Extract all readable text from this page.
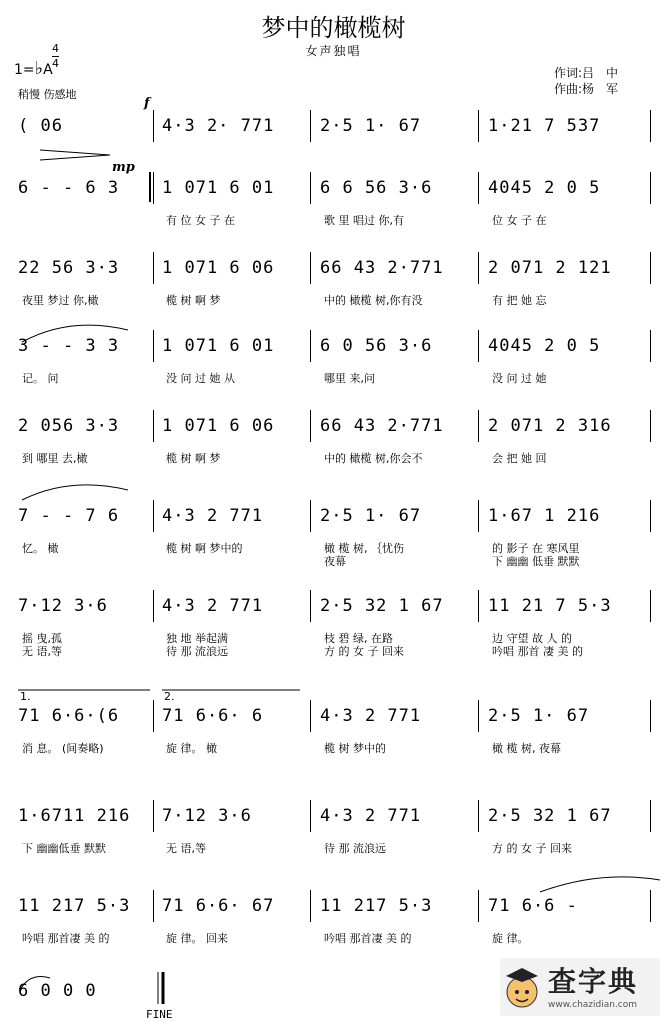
梦中的橄榄树
女声独唱
1=♭A
4
4
稍慢 伤感地
作词:吕　中
作曲:杨　军
f
mp
( 06	4·3 2· 771	2·5 1· 67	1·21 7 537
6 - - 6 3	1 071 6 01
有 位 女 子 在
6 6 56 3·6
歌 里 唱过 你,有
4045 2 0 5
位 女 子 在
22 56 3·3
夜里 梦过 你,橄
1 071 6 06
榄 树 啊 梦
66 43 2·771
中的 橄榄 树,你有没
2 071 2 121
有 把 她 忘
3 - - 3 3
记。 问
1 071 6 01
没 问 过 她 从
6 0 56 3·6
哪里 来,问
4045 2 0 5
没 问 过 她
2 056 3·3
到 哪里 去,橄
1 071 6 06
榄 树 啊 梦
66 43 2·771
中的 橄榄 树,你会不
2 071 2 316
会 把 她 回
7 - - 7 6
忆。 橄
4·3 2 771
榄 树 啊 梦中的
2·5 1· 67
橄 榄 树, ｛忧伤
夜幕
1·67 1 216
的 影子 在 寒风里
下 幽幽 低垂 默默
7·12 3·6
摇 曳,孤
无 语,等
4·3 2 771
独 地 举起满
待 那 流浪远
2·5 32 1 67
枝 碧 绿, 在路
方 的 女 子 回来
11 21 7 5·3
边 守望 故 人 的
吟唱 那首 凄 美 的
71 6·6·(6
消 息。 (间奏略)
71 6·6· 6
旋 律。 橄
4·3 2 771
榄 树 梦中的
2·5 1· 67
橄 榄 树, 夜幕
1.	2.
1·6711 216
下 幽幽低垂 默默
7·12 3·6
无 语,等
4·3 2 771
待 那 流浪远
2·5 32 1 67
方 的 女 子 回来
11 217 5·3
吟唱 那首凄 美 的
71 6·6· 67
旋 律。 回来
11 217 5·3
吟唱 那首凄 美 的
71 6·6 -
旋 律。
6 0 0 0
FINE
查字典
www.chazidian.com
